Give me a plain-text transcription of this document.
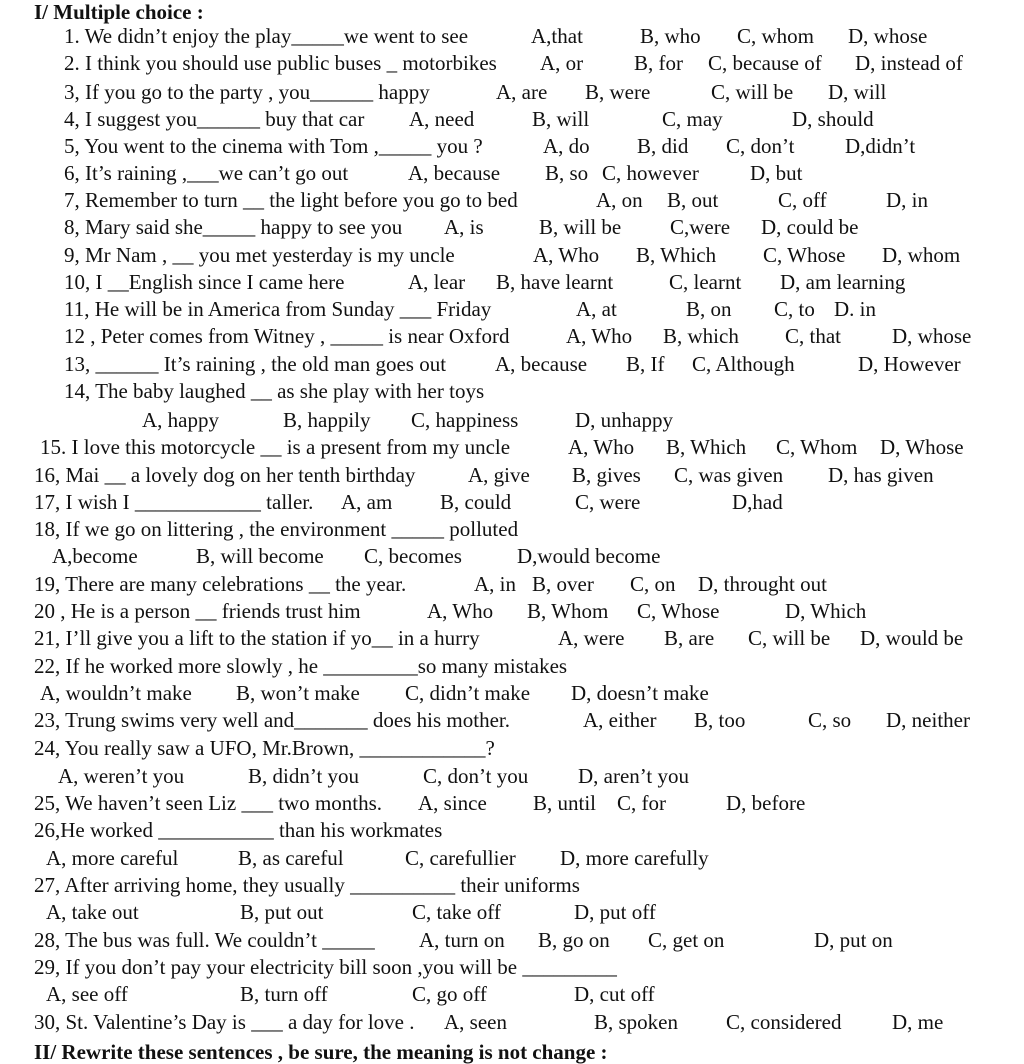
I/ Multiple choice :
1. We didn’t enjoy the play_____we went to see	A,that	B, who C, whom D, whose
2. I think you should use public buses _ motorbikes A, or B, for C, because of D, instead of
3, If you go to the party , you______ happy	A, are B, were	C, will be D, will
4, I suggest you______ buy that car A, need	B, will	C, may	D, should
5, You went to the cinema with Tom ,_____ you ?	A, do B, did C, don’t D,didn’t
6, It’s raining ,___we can’t go out	A, because B, so C, however D, but
7, Remember to turn __ the light before you go to bed	A, on B, out	C, off	D, in
8, Mary said she_____ happy to see you A, is	B, will be C,were D, could be
9, Mr Nam , __ you met yesterday is my uncle	A, Who B, Which C, Whose D, whom
10, I __English since I came here	A, lear B, have learnt	C, learnt D, am learning
11, He will be in America from Sunday ___ Friday	A, at	B, on C, to D. in
12 , Peter comes from Witney , _____ is near Oxford	A, Who B, which C, that D, whose
13, ______ It’s raining , the old man goes out A, because B, If C, Although	D, However
14, The baby laughed __ as she play with her toys
A, happy	B, happily C, happiness	D, unhappy
15. I love this motorcycle __ is a present from my uncle	A, Who B, Which C, Whom D, Whose
16, Mai __ a lovely dog on her tenth birthday	A, give B, gives C, was given D, has given
17, I wish I ____________ taller. A, am B, could	C, were	D,had
18, If we go on littering , the environment _____ polluted
A,become	B, will become C, becomes	D,would become
19, There are many celebrations __ the year.	A, in B, over C, on D, throught out
20 , He is a person __ friends trust him	A, Who B, Whom C, Whose	D, Which
21, I’ll give you a lift to the station if yo__ in a hurry	A, were B, are C, will be D, would be
22, If he worked more slowly , he _________so many mistakes
A, wouldn’t make B, won’t make C, didn’t make D, doesn’t make
23, Trung swims very well and_______ does his mother.	A, either B, too	C, so D, neither
24, You really saw a UFO, Mr.Brown, ____________?
A, weren’t you	B, didn’t you	C, don’t you D, aren’t you
25, We haven’t seen Liz ___ two months. A, since B, until C, for	D, before
26,He worked ___________ than his workmates
A, more careful	B, as careful	C, carefullier D, more carefully
27, After arriving home, they usually __________ their uniforms
A, take out	B, put out	C, take off	D, put off
28, The bus was full. We couldn’t _____ A, turn on B, go on C, get on	D, put on
29, If you don’t pay your electricity bill soon ,you will be _________
A, see off	B, turn off	C, go off	D, cut off
30, St. Valentine’s Day is ___ a day for love .	B, spoken C, considered D, me
A, seen
II/ Rewrite these sentences , be sure, the meaning is not change :
